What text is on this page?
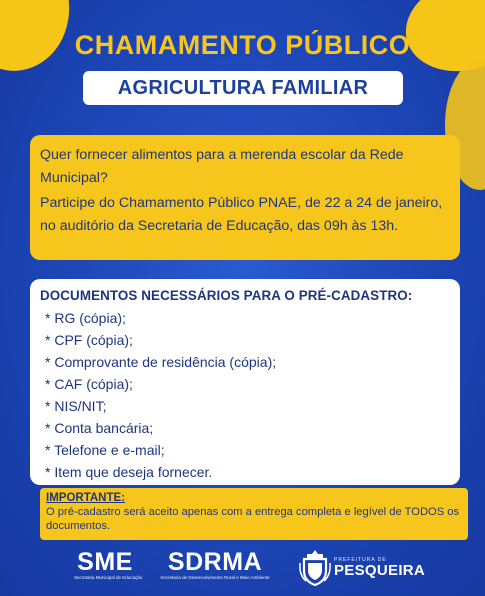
CHAMAMENTO PÚBLICO
AGRICULTURA FAMILIAR

Quer fornecer alimentos para a merenda escolar da Rede Municipal?

Participe do Chamamento Público PNAE, de 22 a 24 de janeiro, no auditório da Secretaria de Educação, das 09h às 13h.

DOCUMENTOS NECESSÁRIOS PARA O PRÉ-CADASTRO:
* RG (cópia);
* CPF (cópia);
* Comprovante de residência (cópia);
* CAF (cópia);
* NIS/NIT;
* Conta bancária;
* Telefone e e-mail;
* Item que deseja fornecer.
IMPORTANTE:
O pré-cadastro será aceito apenas com a entrega completa e legível de TODOS os documentos.
SME
Secretaria Municipal de Educação
SDRMA
Secretaria de Desenvolvimento Rural e Meio Ambiente
PREFEITURA DE
PESQUEIRA
